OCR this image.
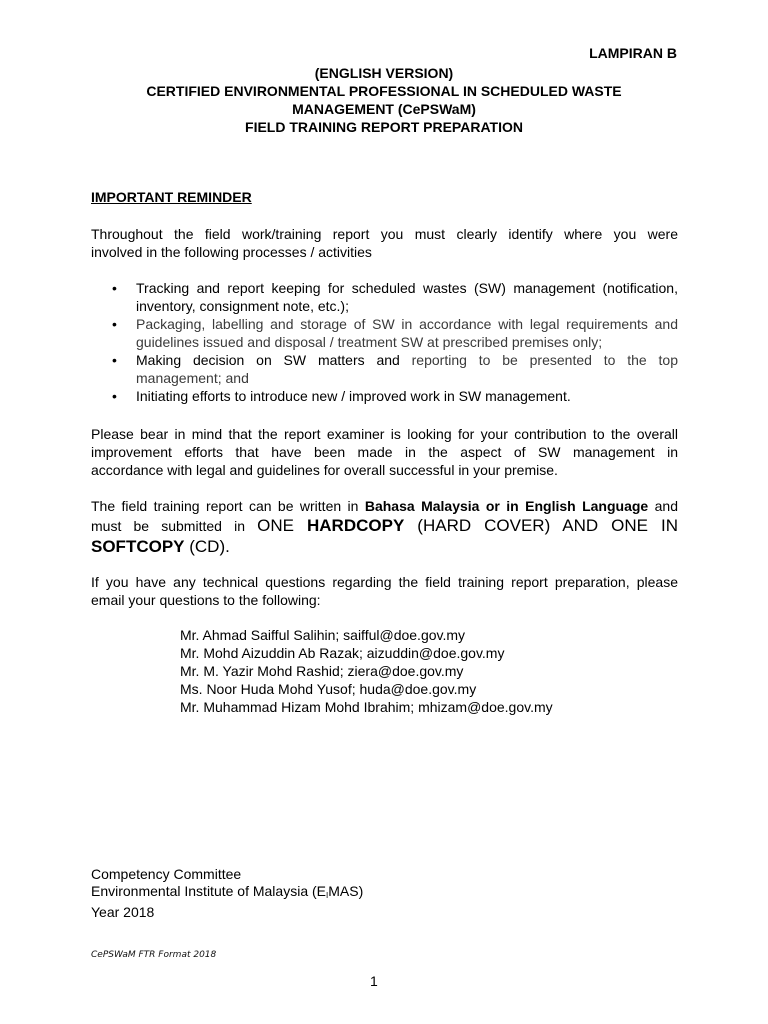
LAMPIRAN B
(ENGLISH VERSION)
CERTIFIED ENVIRONMENTAL PROFESSIONAL IN SCHEDULED WASTE
MANAGEMENT (CePSWaM)
FIELD TRAINING REPORT PREPARATION
IMPORTANT REMINDER
Throughout the field work/training report you must clearly identify where you were
involved in the following processes / activities
• Tracking and report keeping for scheduled wastes (SW) management (notification,
inventory, consignment note, etc.);
• Packaging, labelling and storage of SW in accordance with legal requirements and
guidelines issued and disposal / treatment SW at prescribed premises only;
• Making decision on SW matters and reporting to be presented to the top
management; and
• Initiating efforts to introduce new / improved work in SW management.
Please bear in mind that the report examiner is looking for your contribution to the overall
improvement efforts that have been made in the aspect of SW management in
accordance with legal and guidelines for overall successful in your premise.
The field training report can be written in Bahasa Malaysia or in English Language and
must be submitted in ONE HARDCOPY (HARD COVER) AND ONE IN
SOFTCOPY (CD).
If you have any technical questions regarding the field training report preparation, please
email your questions to the following:
Mr. Ahmad Saifful Salihin; saifful@doe.gov.my
Mr. Mohd Aizuddin Ab Razak; aizuddin@doe.gov.my
Mr. M. Yazir Mohd Rashid; ziera@doe.gov.my
Ms. Noor Huda Mohd Yusof; huda@doe.gov.my
Mr. Muhammad Hizam Mohd Ibrahim; mhizam@doe.gov.my
Competency Committee
Environmental Institute of Malaysia $(E_IMAS)$
Year 2018
CePSWaM FTR Format 2018
1
